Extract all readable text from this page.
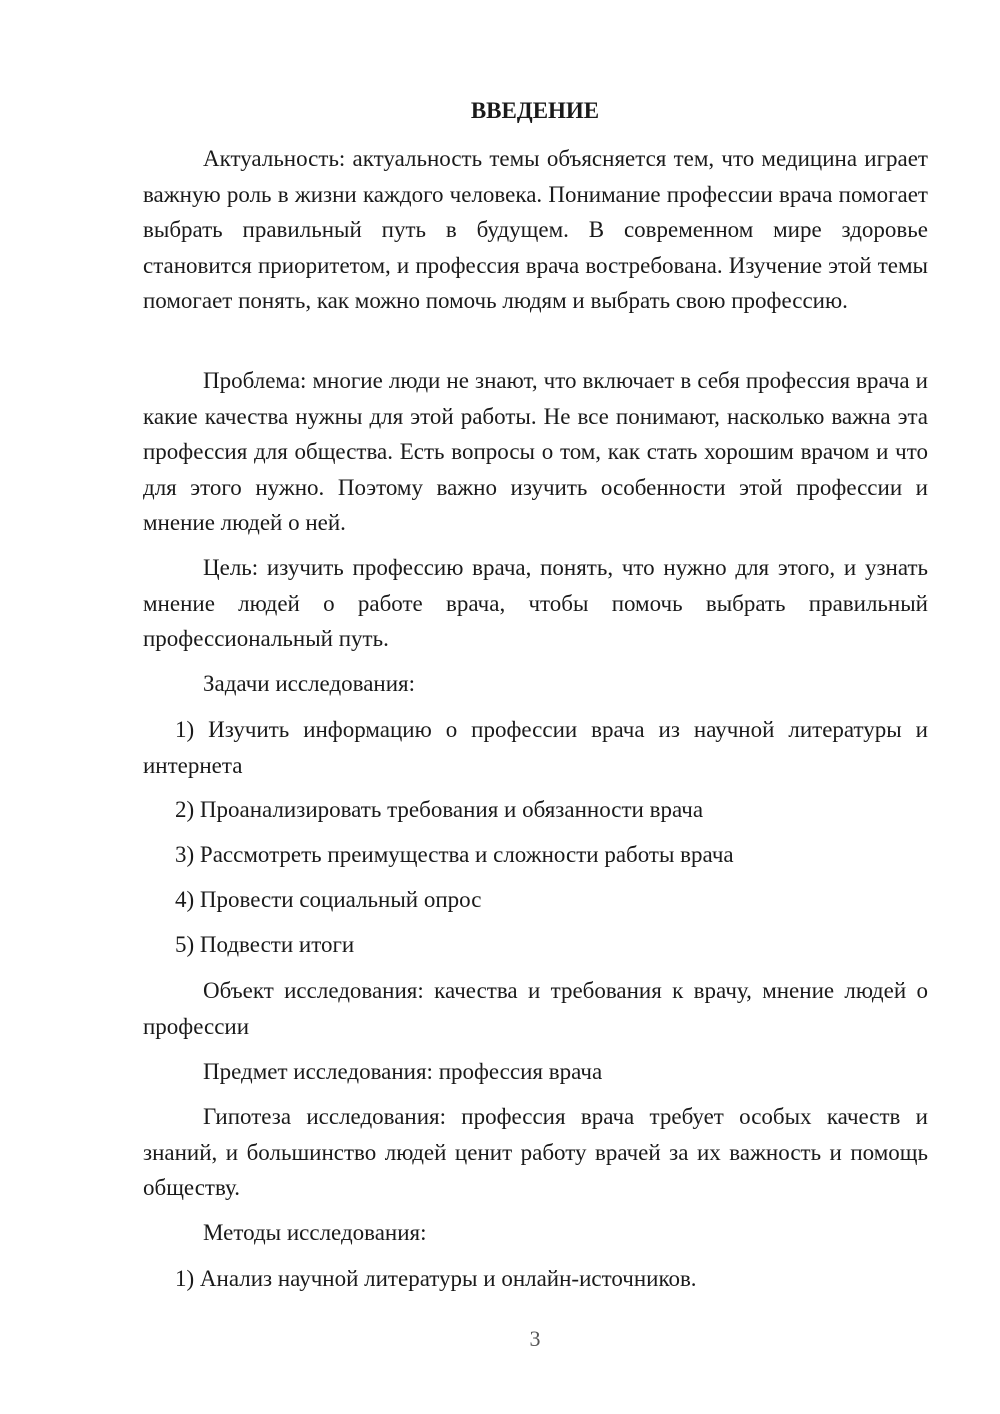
ВВЕДЕНИЕ

Актуальность: актуальность темы объясняется тем, что медицина играет важную роль в жизни каждого человека. Понимание профессии врача помогает выбрать правильный путь в будущем. В современном мире здоровье становится приоритетом, и профессия врача востребована. Изучение этой темы помогает понять, как можно помочь людям и выбрать свою профессию.

Проблема: многие люди не знают, что включает в себя профессия врача и какие качества нужны для этой работы. Не все понимают, насколько важна эта профессия для общества. Есть вопросы о том, как стать хорошим врачом и что для этого нужно. Поэтому важно изучить особенности этой профессии и мнение людей о ней.

Цель: изучить профессию врача, понять, что нужно для этого, и узнать мнение людей о работе врача, чтобы помочь выбрать правильный профессиональный путь.

Задачи исследования:

1) Изучить информацию о профессии врача из научной литературы и интернета

2) Проанализировать требования и обязанности врача

3) Рассмотреть преимущества и сложности работы врача

4) Провести социальный опрос

5) Подвести итоги

Объект исследования: качества и требования к врачу, мнение людей о профессии

Предмет исследования: профессия врача

Гипотеза исследования: профессия врача требует особых качеств и знаний, и большинство людей ценит работу врачей за их важность и помощь обществу.

Методы исследования:

1) Анализ научной литературы и онлайн-источников.

3
